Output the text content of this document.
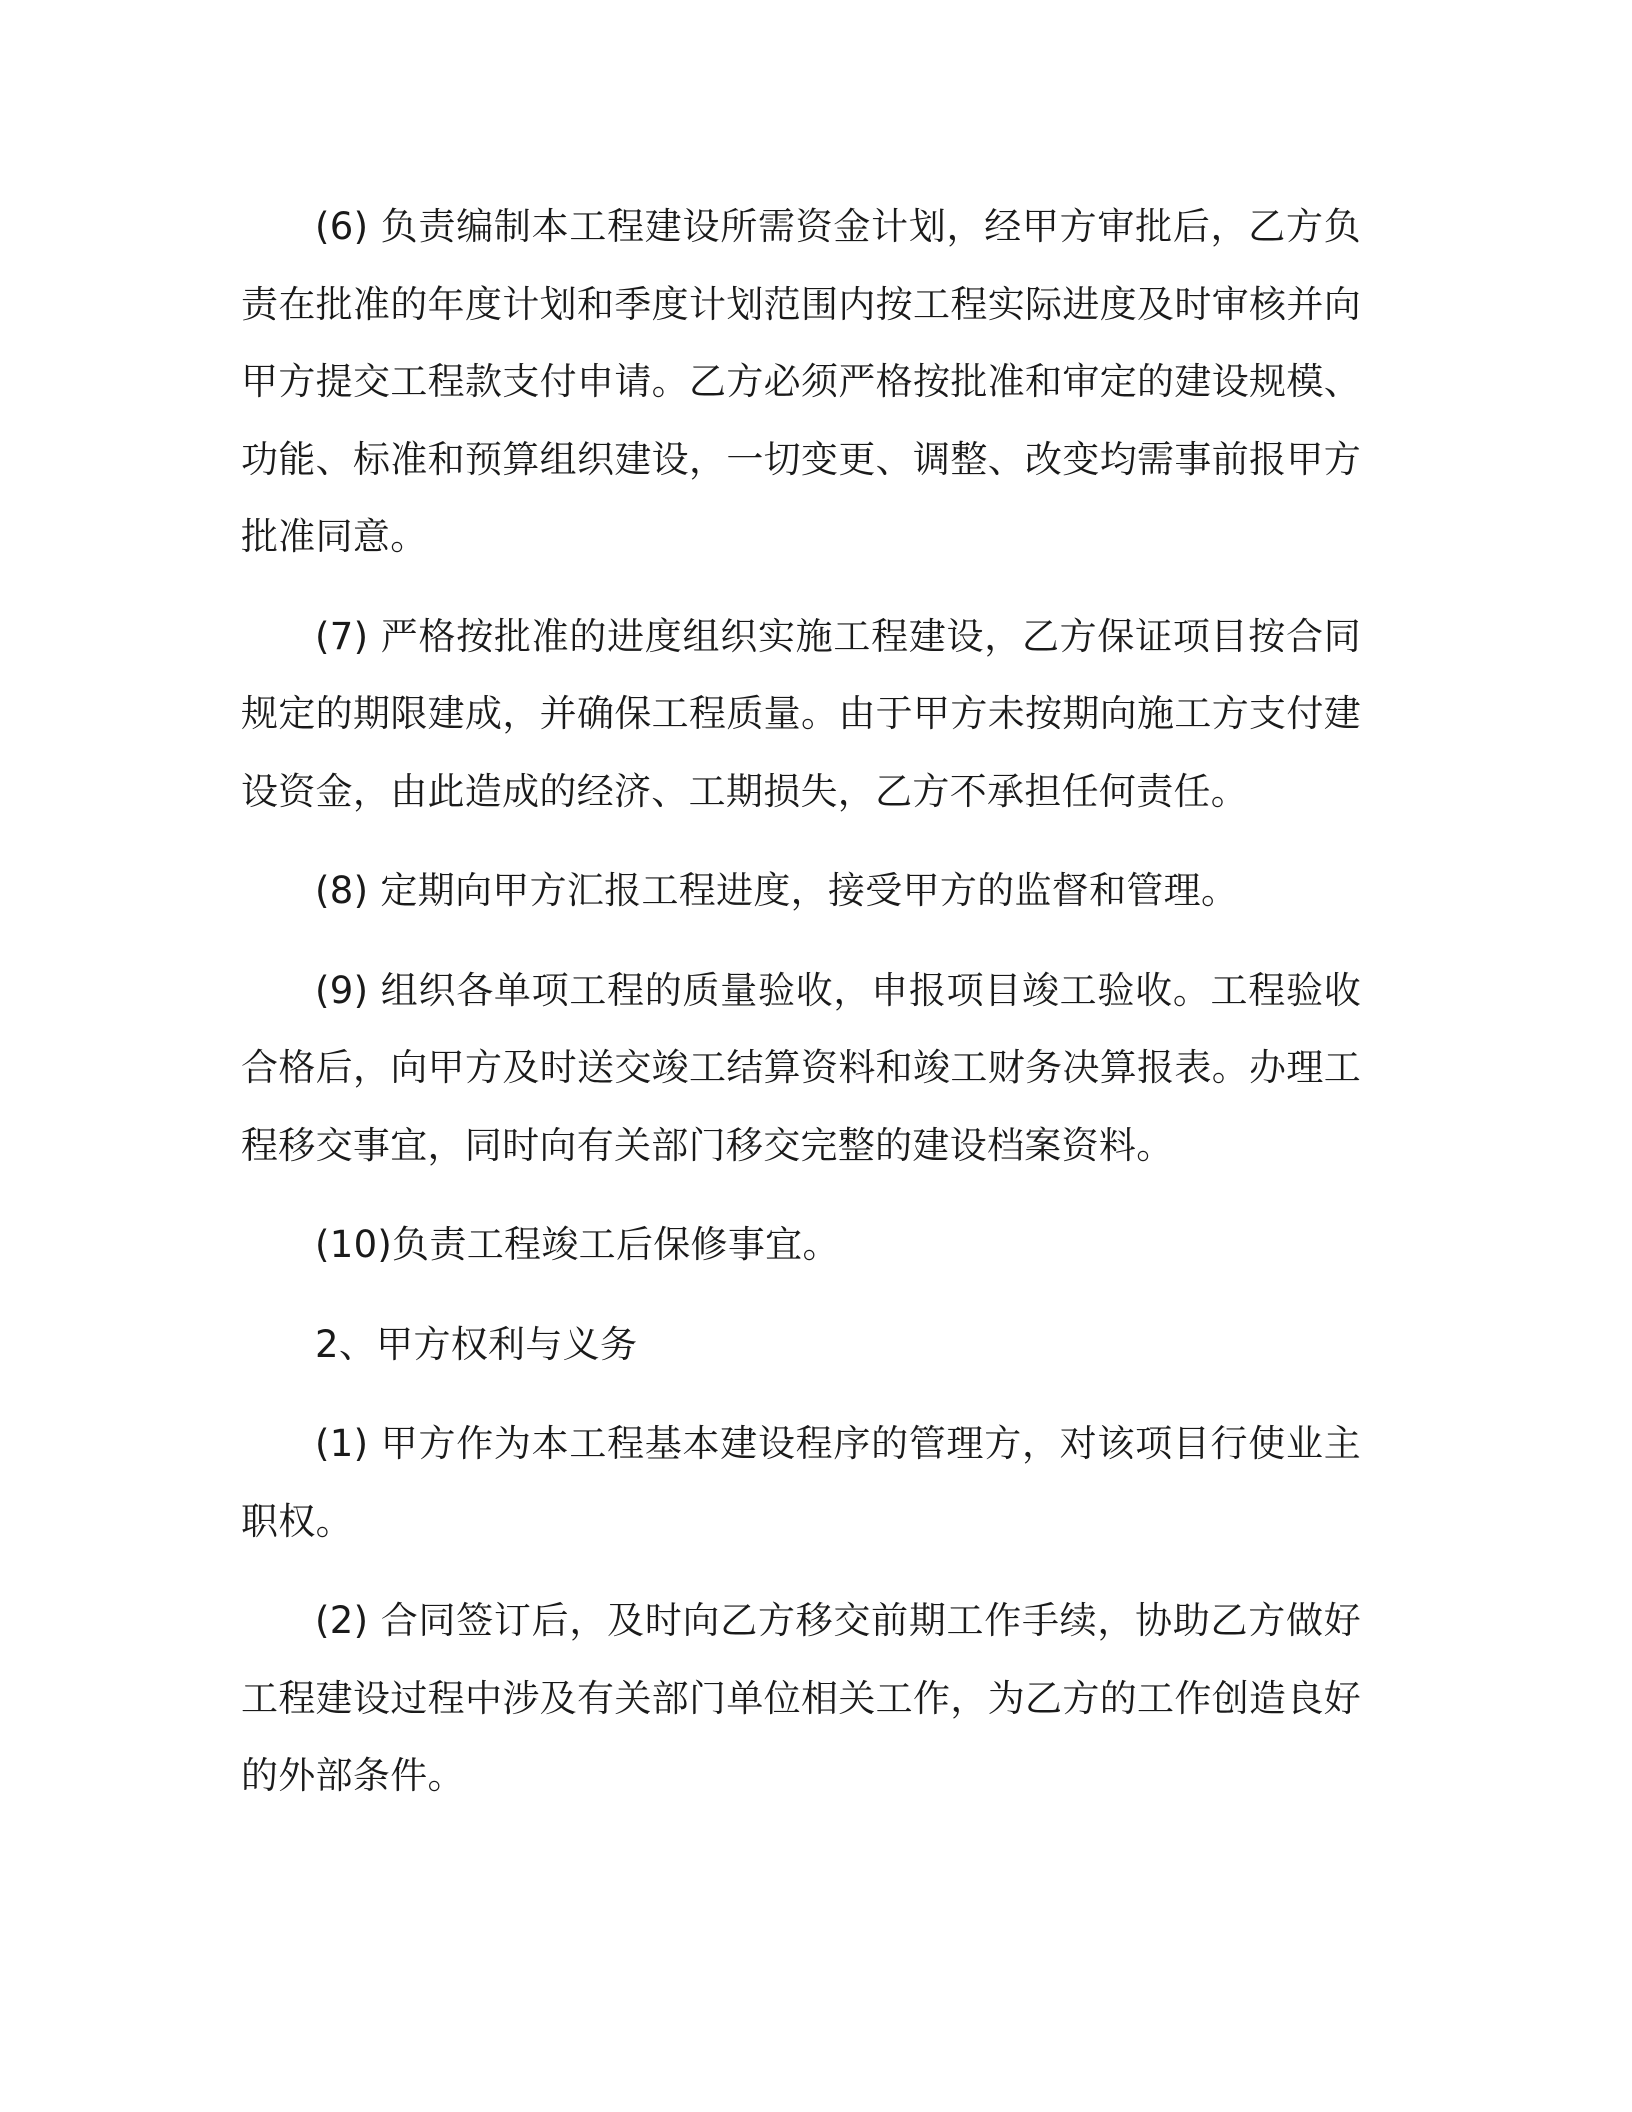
(6) 负责编制本工程建设所需资金计划，经甲方审批后，乙方负责在批准的年度计划和季度计划范围内按工程实际进度及时审核并向甲方提交工程款支付申请。乙方必须严格按批准和审定的建设规模、功能、标准和预算组织建设，一切变更、调整、改变均需事前报甲方批准同意。

(7) 严格按批准的进度组织实施工程建设，乙方保证项目按合同规定的期限建成，并确保工程质量。由于甲方未按期向施工方支付建设资金，由此造成的经济、工期损失，乙方不承担任何责任。

(8) 定期向甲方汇报工程进度，接受甲方的监督和管理。

(9) 组织各单项工程的质量验收，申报项目竣工验收。工程验收合格后，向甲方及时送交竣工结算资料和竣工财务决算报表。办理工程移交事宜，同时向有关部门移交完整的建设档案资料。

(10)负责工程竣工后保修事宜。

2、甲方权利与义务

(1) 甲方作为本工程基本建设程序的管理方，对该项目行使业主职权。

(2) 合同签订后，及时向乙方移交前期工作手续，协助乙方做好工程建设过程中涉及有关部门单位相关工作，为乙方的工作创造良好的外部条件。
